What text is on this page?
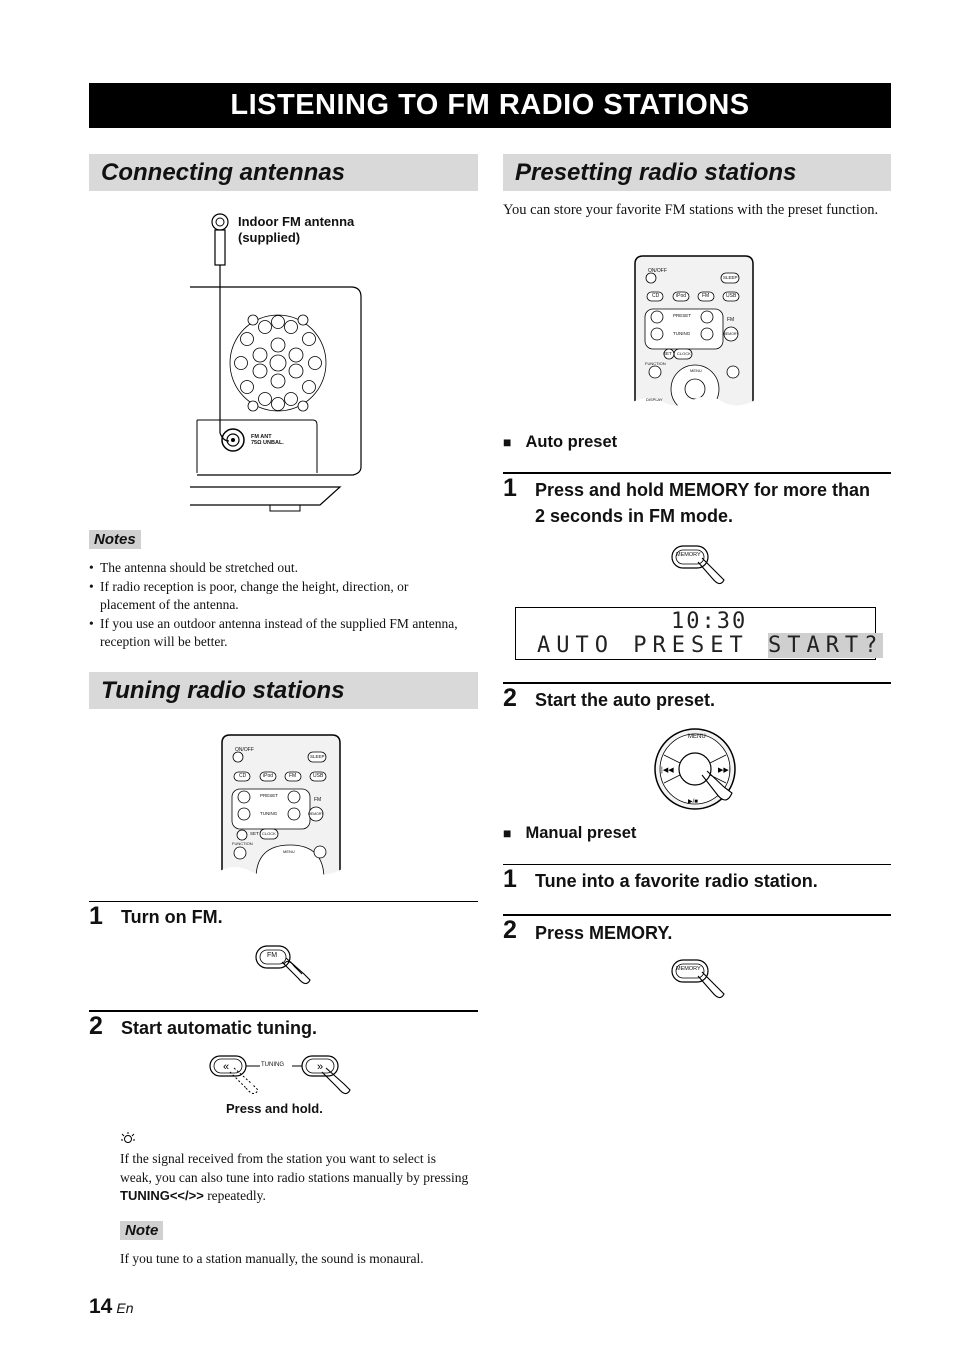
LISTENING TO FM RADIO STATIONS
Connecting antennas
Indoor FM antenna
(supplied)
FM ANT
75Ω UNBAL.
Notes
• The antenna should be stretched out.
• If radio reception is poor, change the height, direction, or placement of the antenna.
• If you use an outdoor antenna instead of the supplied FM antenna, reception will be better.
Tuning radio stations
ON/OFF
SLEEP
CD	iPod	FM	USB
PRESET
FM
TUNING	MEMORY
SET CLOCK
FUNCTION
MENU
1 Turn on FM.
FM
2 Start automatic tuning.
«	»
TUNING
Press and hold.
If the signal received from the station you want to select is weak, you can also tune into radio stations manually by pressing TUNING<</>> repeatedly.
Note
If you tune to a station manually, the sound is monaural.
Presetting radio stations
You can store your favorite FM stations with the preset function.
ON/OFF
SLEEP
CD	iPod	FM	USB
PRESET
FM
TUNING	MEMORY
SET CLOCK
FUNCTION
MENU
DISPLAY
■ Auto preset
1 Press and hold MEMORY for more than 2 seconds in FM mode.
MEMORY
10:30
AUTO PRESET START?
2 Start the auto preset.
|◀◀	▶▶|
▶/■
MENU
■ Manual preset
1 Tune into a favorite radio station.
2 Press MEMORY.
MEMORY
14 En
